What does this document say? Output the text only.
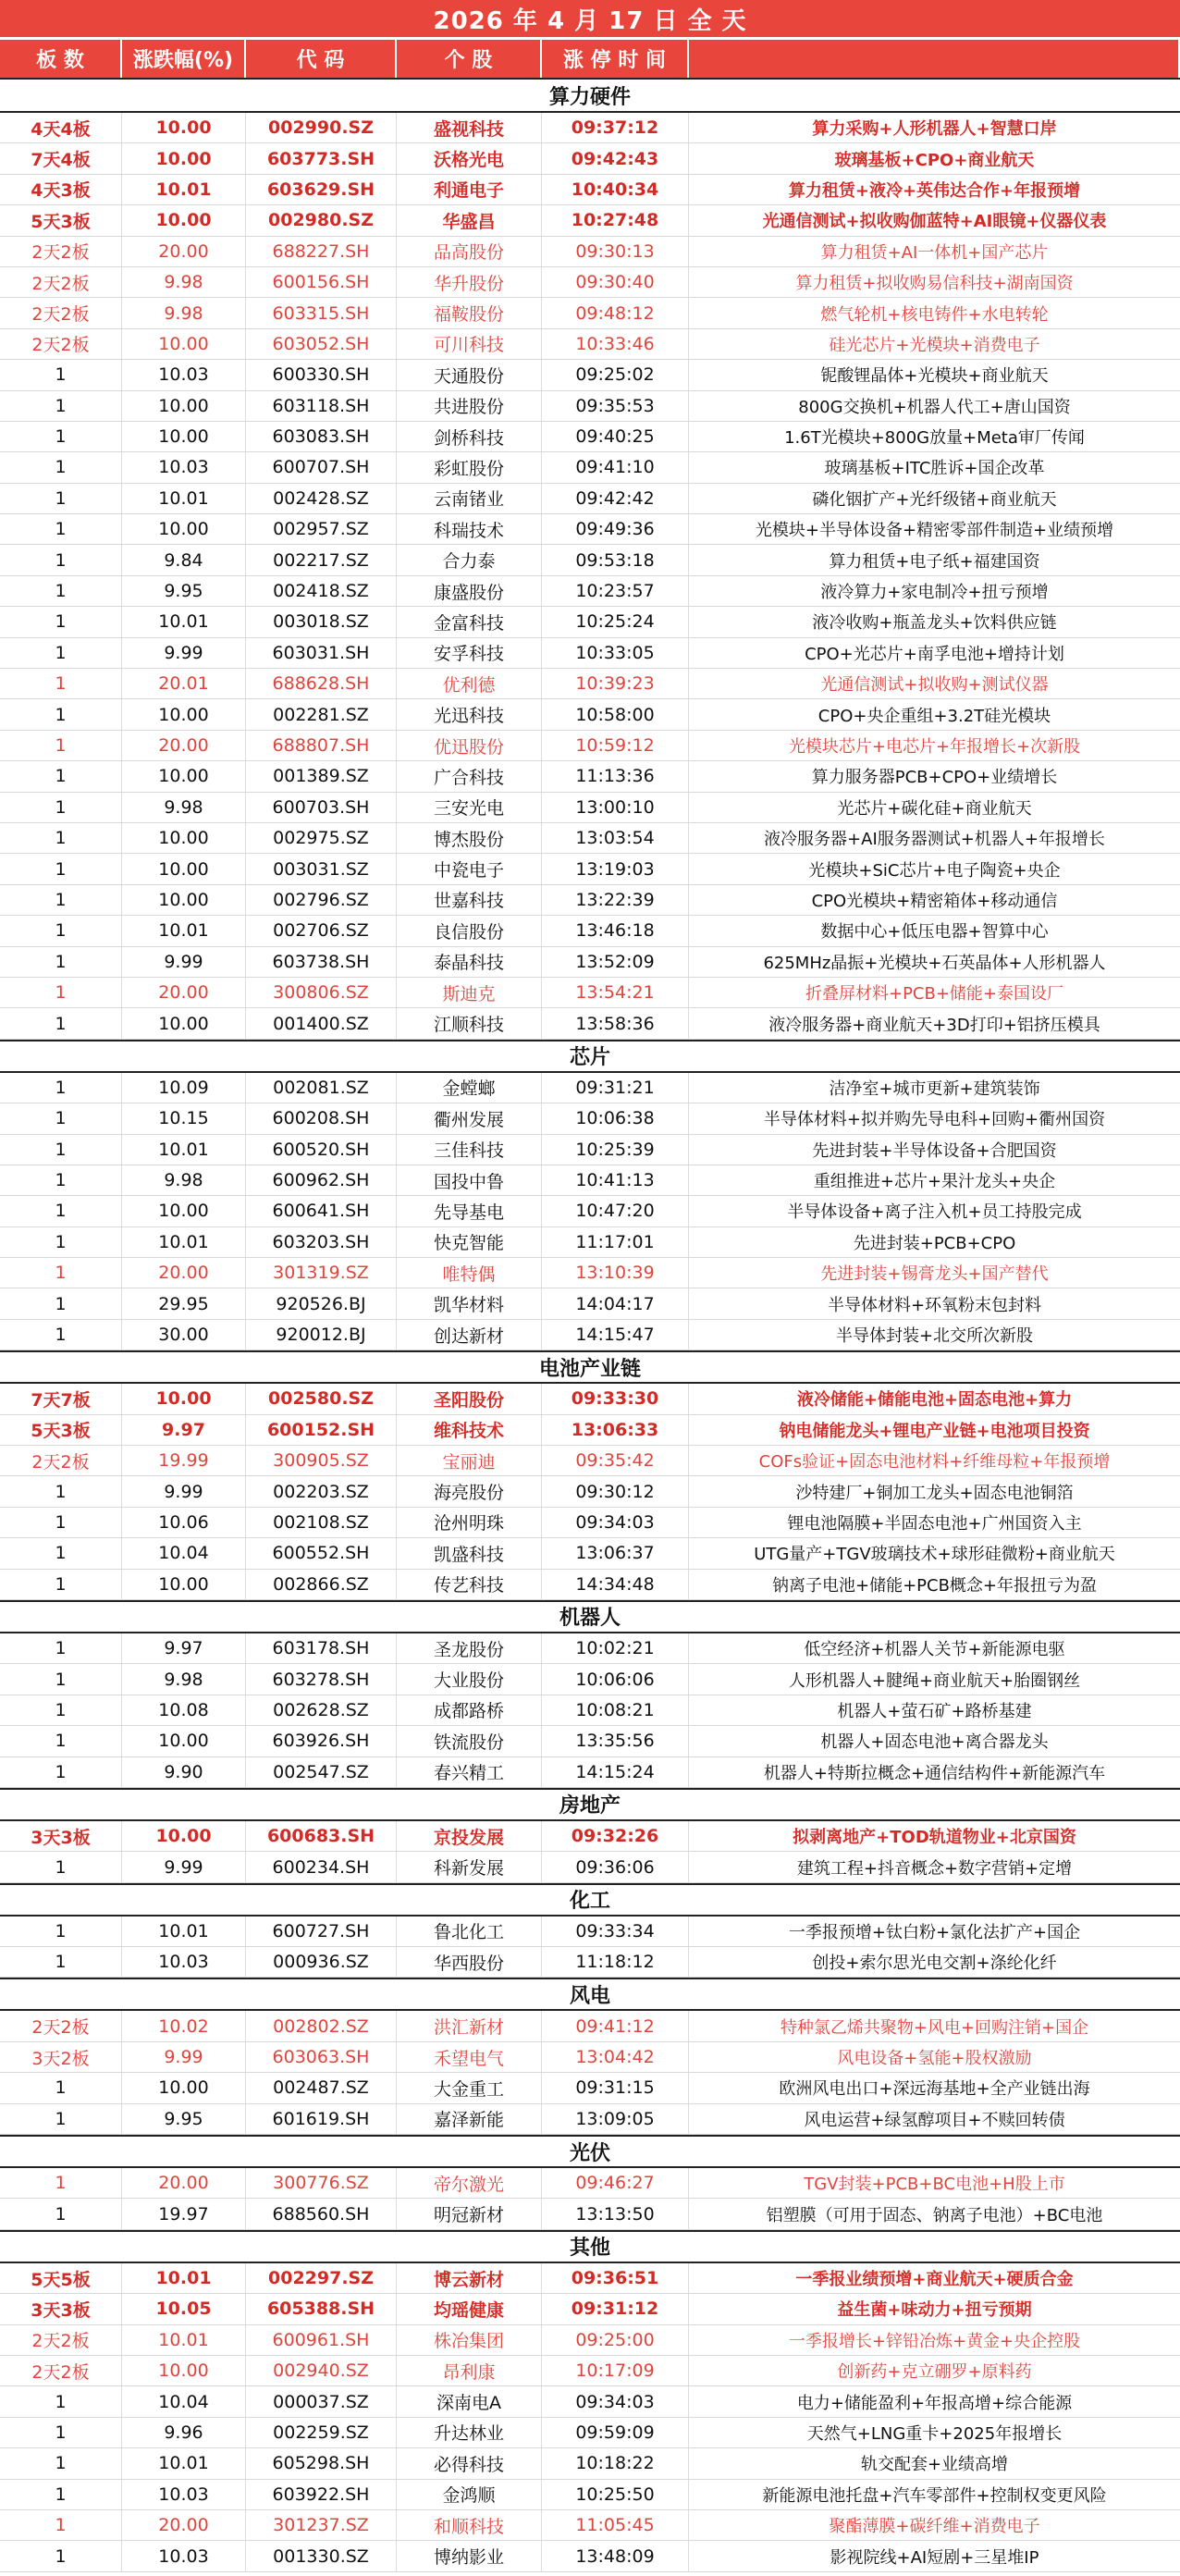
2026 年 4 月 17 日 全 天
板 数	涨跌幅(%)	代 码	个 股	涨 停 时 间
算力硬件
4天4板	10.00	002990.SZ	盛视科技	09:37:12	算力采购+人形机器人+智慧口岸
7天4板	10.00	603773.SH	沃格光电	09:42:43	玻璃基板+CPO+商业航天
4天3板	10.01	603629.SH	利通电子	10:40:34	算力租赁+液冷+英伟达合作+年报预增
5天3板	10.00	002980.SZ	华盛昌	10:27:48	光通信测试+拟收购伽蓝特+AI眼镜+仪器仪表
2天2板	20.00	688227.SH	品高股份	09:30:13	算力租赁+AI一体机+国产芯片
2天2板	9.98	600156.SH	华升股份	09:30:40	算力租赁+拟收购易信科技+湖南国资
2天2板	9.98	603315.SH	福鞍股份	09:48:12	燃气轮机+核电铸件+水电转轮
2天2板	10.00	603052.SH	可川科技	10:33:46	硅光芯片+光模块+消费电子
1	10.03	600330.SH	天通股份	09:25:02	铌酸锂晶体+光模块+商业航天
1	10.00	603118.SH	共进股份	09:35:53	800G交换机+机器人代工+唐山国资
1	10.00	603083.SH	剑桥科技	09:40:25	1.6T光模块+800G放量+Meta审厂传闻
1	10.03	600707.SH	彩虹股份	09:41:10	玻璃基板+ITC胜诉+国企改革
1	10.01	002428.SZ	云南锗业	09:42:42	磷化铟扩产+光纤级锗+商业航天
1	10.00	002957.SZ	科瑞技术	09:49:36	光模块+半导体设备+精密零部件制造+业绩预增
1	9.84	002217.SZ	合力泰	09:53:18	算力租赁+电子纸+福建国资
1	9.95	002418.SZ	康盛股份	10:23:57	液冷算力+家电制冷+扭亏预增
1	10.01	003018.SZ	金富科技	10:25:24	液冷收购+瓶盖龙头+饮料供应链
1	9.99	603031.SH	安孚科技	10:33:05	CPO+光芯片+南孚电池+增持计划
1	20.01	688628.SH	优利德	10:39:23	光通信测试+拟收购+测试仪器
1	10.00	002281.SZ	光迅科技	10:58:00	CPO+央企重组+3.2T硅光模块
1	20.00	688807.SH	优迅股份	10:59:12	光模块芯片+电芯片+年报增长+次新股
1	10.00	001389.SZ	广合科技	11:13:36	算力服务器PCB+CPO+业绩增长
1	9.98	600703.SH	三安光电	13:00:10	光芯片+碳化硅+商业航天
1	10.00	002975.SZ	博杰股份	13:03:54	液冷服务器+AI服务器测试+机器人+年报增长
1	10.00	003031.SZ	中瓷电子	13:19:03	光模块+SiC芯片+电子陶瓷+央企
1	10.00	002796.SZ	世嘉科技	13:22:39	CPO光模块+精密箱体+移动通信
1	10.01	002706.SZ	良信股份	13:46:18	数据中心+低压电器+智算中心
1	9.99	603738.SH	泰晶科技	13:52:09	625MHz晶振+光模块+石英晶体+人形机器人
1	20.00	300806.SZ	斯迪克	13:54:21	折叠屏材料+PCB+储能+泰国设厂
1	10.00	001400.SZ	江顺科技	13:58:36	液冷服务器+商业航天+3D打印+铝挤压模具
芯片
1	10.09	002081.SZ	金螳螂	09:31:21	洁净室+城市更新+建筑装饰
1	10.15	600208.SH	衢州发展	10:06:38	半导体材料+拟并购先导电科+回购+衢州国资
1	10.01	600520.SH	三佳科技	10:25:39	先进封装+半导体设备+合肥国资
1	9.98	600962.SH	国投中鲁	10:41:13	重组推进+芯片+果汁龙头+央企
1	10.00	600641.SH	先导基电	10:47:20	半导体设备+离子注入机+员工持股完成
1	10.01	603203.SH	快克智能	11:17:01	先进封装+PCB+CPO
1	20.00	301319.SZ	唯特偶	13:10:39	先进封装+锡膏龙头+国产替代
1	29.95	920526.BJ	凯华材料	14:04:17	半导体材料+环氧粉末包封料
1	30.00	920012.BJ	创达新材	14:15:47	半导体封装+北交所次新股
电池产业链
7天7板	10.00	002580.SZ	圣阳股份	09:33:30	液冷储能+储能电池+固态电池+算力
5天3板	9.97	600152.SH	维科技术	13:06:33	钠电储能龙头+锂电产业链+电池项目投资
2天2板	19.99	300905.SZ	宝丽迪	09:35:42	COFs验证+固态电池材料+纤维母粒+年报预增
1	9.99	002203.SZ	海亮股份	09:30:12	沙特建厂+铜加工龙头+固态电池铜箔
1	10.06	002108.SZ	沧州明珠	09:34:03	锂电池隔膜+半固态电池+广州国资入主
1	10.04	600552.SH	凯盛科技	13:06:37	UTG量产+TGV玻璃技术+球形硅微粉+商业航天
1	10.00	002866.SZ	传艺科技	14:34:48	钠离子电池+储能+PCB概念+年报扭亏为盈
机器人
1	9.97	603178.SH	圣龙股份	10:02:21	低空经济+机器人关节+新能源电驱
1	9.98	603278.SH	大业股份	10:06:06	人形机器人+腱绳+商业航天+胎圈钢丝
1	10.08	002628.SZ	成都路桥	10:08:21	机器人+萤石矿+路桥基建
1	10.00	603926.SH	铁流股份	13:35:56	机器人+固态电池+离合器龙头
1	9.90	002547.SZ	春兴精工	14:15:24	机器人+特斯拉概念+通信结构件+新能源汽车
房地产
3天3板	10.00	600683.SH	京投发展	09:32:26	拟剥离地产+TOD轨道物业+北京国资
1	9.99	600234.SH	科新发展	09:36:06	建筑工程+抖音概念+数字营销+定增
化工
1	10.01	600727.SH	鲁北化工	09:33:34	一季报预增+钛白粉+氯化法扩产+国企
1	10.03	000936.SZ	华西股份	11:18:12	创投+索尔思光电交割+涤纶化纤
风电
2天2板	10.02	002802.SZ	洪汇新材	09:41:12	特种氯乙烯共聚物+风电+回购注销+国企
3天2板	9.99	603063.SH	禾望电气	13:04:42	风电设备+氢能+股权激励
1	10.00	002487.SZ	大金重工	09:31:15	欧洲风电出口+深远海基地+全产业链出海
1	9.95	601619.SH	嘉泽新能	13:09:05	风电运营+绿氢醇项目+不赎回转债
光伏
1	20.00	300776.SZ	帝尔激光	09:46:27	TGV封装+PCB+BC电池+H股上市
1	19.97	688560.SH	明冠新材	13:13:50	铝塑膜（可用于固态、钠离子电池）+BC电池
其他
5天5板	10.01	002297.SZ	博云新材	09:36:51	一季报业绩预增+商业航天+硬质合金
3天3板	10.05	605388.SH	均瑶健康	09:31:12	益生菌+味动力+扭亏预期
2天2板	10.01	600961.SH	株冶集团	09:25:00	一季报增长+锌铅冶炼+黄金+央企控股
2天2板	10.00	002940.SZ	昂利康	10:17:09	创新药+克立硼罗+原料药
1	10.04	000037.SZ	深南电A	09:34:03	电力+储能盈利+年报高增+综合能源
1	9.96	002259.SZ	升达林业	09:59:09	天然气+LNG重卡+2025年报增长
1	10.01	605298.SH	必得科技	10:18:22	轨交配套+业绩高增
1	10.03	603922.SH	金鸿顺	10:25:50	新能源电池托盘+汽车零部件+控制权变更风险
1	20.00	301237.SZ	和顺科技	11:05:45	聚酯薄膜+碳纤维+消费电子
1	10.03	001330.SZ	博纳影业	13:48:09	影视院线+AI短剧+三星堆IP
